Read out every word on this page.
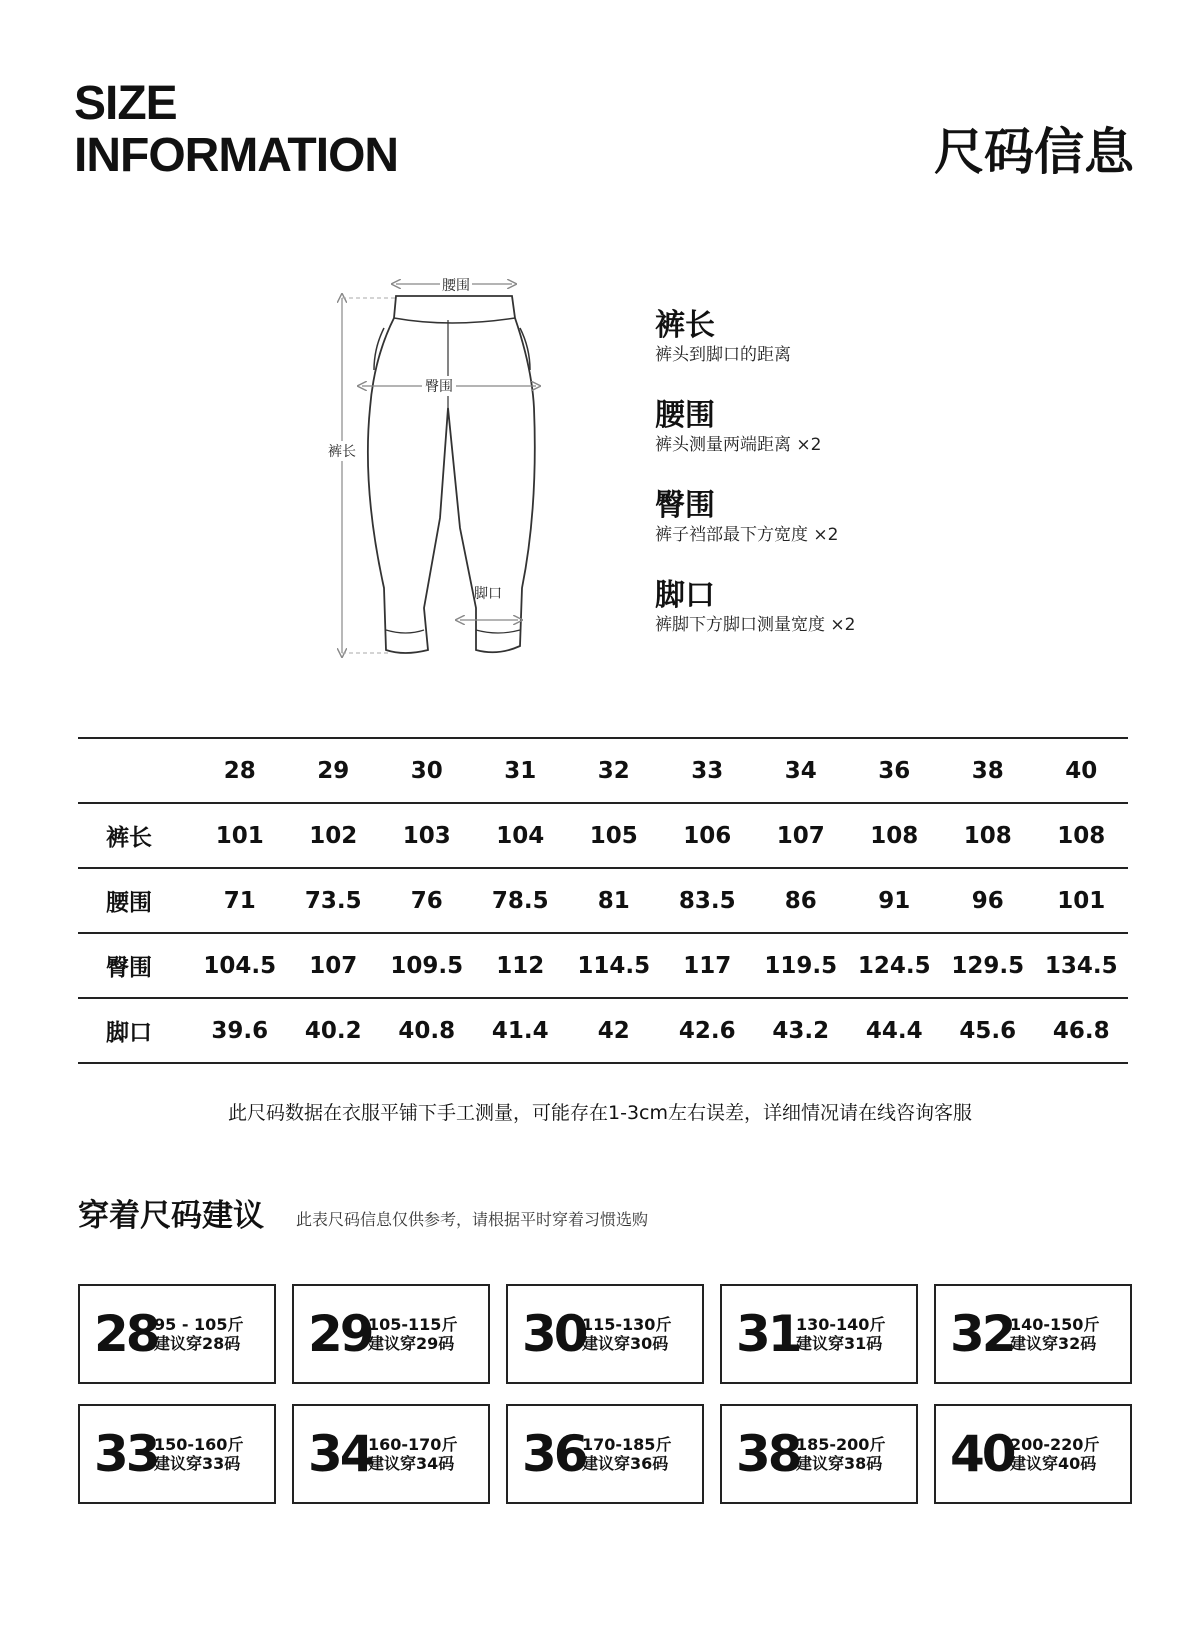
SIZE
INFORMATION	尺码信息
腰围
裤长
臀围
脚口
裤长
裤头到脚口的距离
腰围
裤头测量两端距离 ×2
臀围
裤子裆部最下方宽度 ×2
脚口
裤脚下方脚口测量宽度 ×2
	28	29	30	31	32	33	34	36	38	40
裤长	101	102	103	104	105	106	107	108	108	108
腰围	71	73.5	76	78.5	81	83.5	86	91	96	101
臀围	104.5	107	109.5	112	114.5	117	119.5	124.5	129.5	134.5
脚口	39.6	40.2	40.8	41.4	42	42.6	43.2	44.4	45.6	46.8
此尺码数据在衣服平铺下手工测量，可能存在1-3cm左右误差，详细情况请在线咨询客服
穿着尺码建议 此表尺码信息仅供参考，请根据平时穿着习惯选购
28
95 - 105斤
建议穿28码 29
105-115斤
建议穿29码 30
115-130斤
建议穿30码 31
130-140斤
建议穿31码 32
140-150斤
建议穿32码
33
150-160斤
建议穿33码 34
160-170斤
建议穿34码 36
170-185斤
建议穿36码 38
185-200斤
建议穿38码 40
200-220斤
建议穿40码
